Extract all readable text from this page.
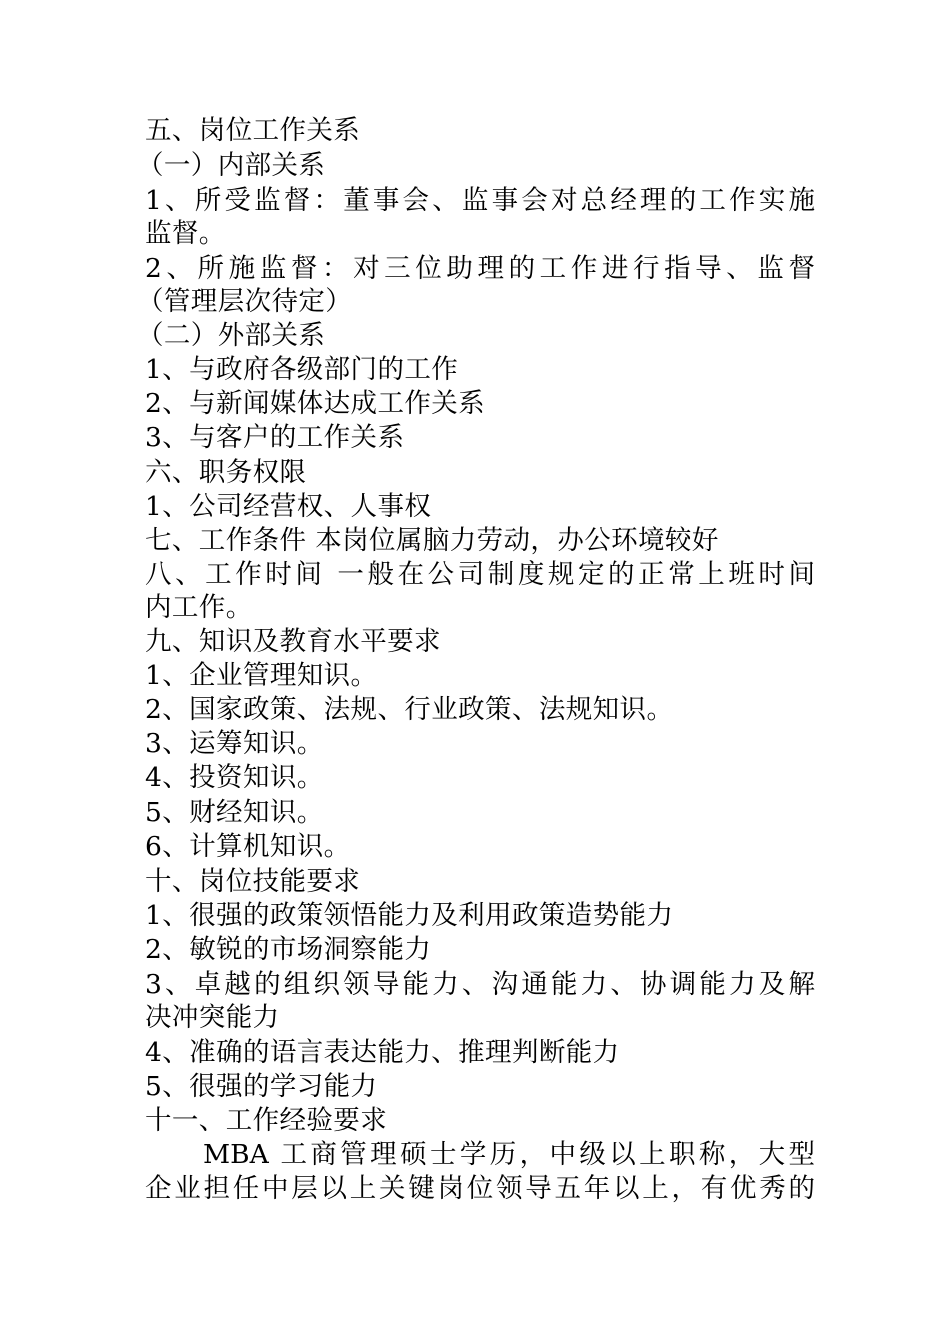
五、岗位工作关系
（一）内部关系
1、所受监督：董事会、监事会对总经理的工作实施
监督。
2、所施监督：对三位助理的工作进行指导、监督
（管理层次待定）
（二）外部关系
1、与政府各级部门的工作
2、与新闻媒体达成工作关系
3、与客户的工作关系
六、职务权限
1、公司经营权、人事权
七、工作条件 本岗位属脑力劳动，办公环境较好
八、工作时间 一般在公司制度规定的正常上班时间
内工作。
九、知识及教育水平要求
1、企业管理知识。
2、国家政策、法规、行业政策、法规知识。
3、运筹知识。
4、投资知识。
5、财经知识。
6、计算机知识。
十、岗位技能要求
1、很强的政策领悟能力及利用政策造势能力
2、敏锐的市场洞察能力
3、卓越的组织领导能力、沟通能力、协调能力及解
决冲突能力
4、准确的语言表达能力、推理判断能力
5、很强的学习能力
十一、工作经验要求
MBA 工商管理硕士学历，中级以上职称，大型
企业担任中层以上关键岗位领导五年以上，有优秀的
